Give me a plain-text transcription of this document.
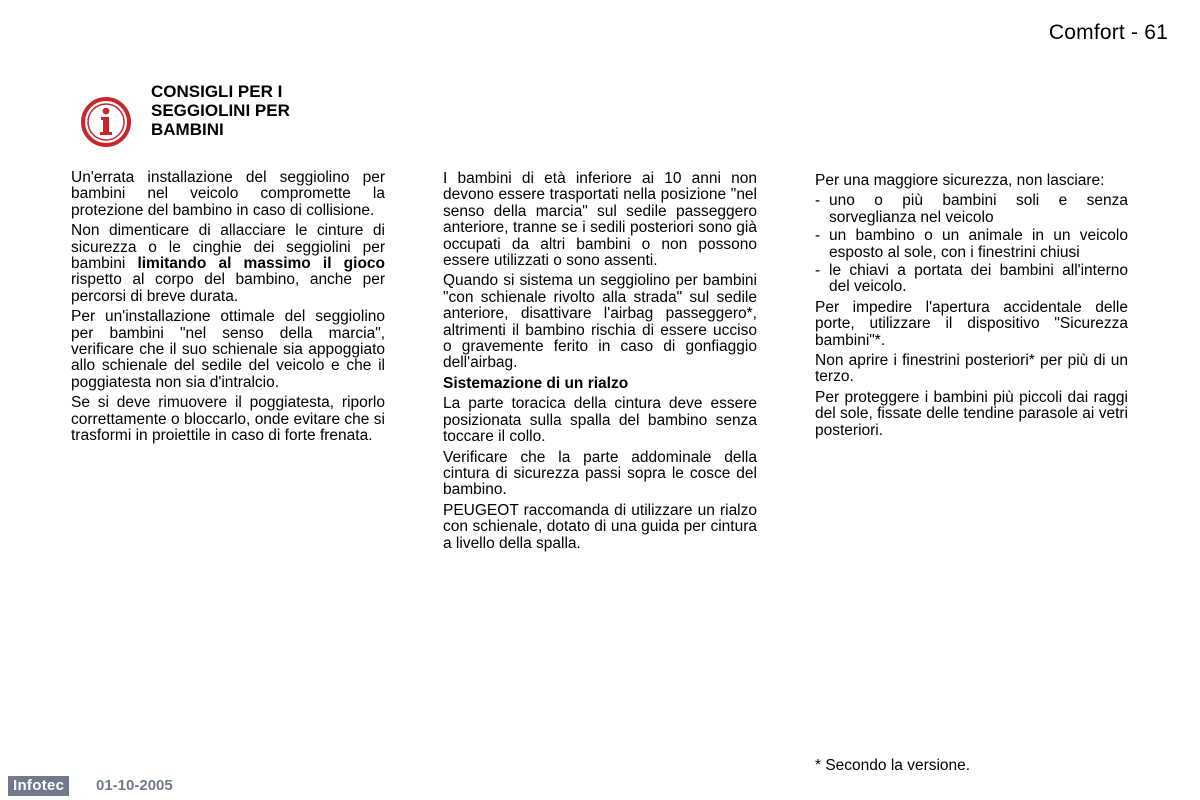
Comfort - 61
CONSIGLI PER I
SEGGIOLINI PER
BAMBINI

Un'errata installazione del seggiolino per bambini nel veicolo compromette la protezione del bambino in caso di collisione.

Non dimenticare di allacciare le cinture di sicurezza o le cinghie dei seggiolini per bambini limitando al massimo il gioco rispetto al corpo del bambino, anche per percorsi di breve durata.

Per un'installazione ottimale del seggiolino per bambini "nel senso della marcia", verificare che il suo schienale sia appoggiato allo schienale del sedile del veicolo e che il poggiatesta non sia d'intralcio.

Se si deve rimuovere il poggiatesta, riporlo correttamente o bloccarlo, onde evitare che si trasformi in proiettile in caso di forte frenata.

I bambini di età inferiore ai 10 anni non devono essere trasportati nella posizione "nel senso della marcia" sul sedile passeggero anteriore, tranne se i sedili posteriori sono già occupati da altri bambini o non possono essere utilizzati o sono assenti.

Quando si sistema un seggiolino per bambini "con schienale rivolto alla strada" sul sedile anteriore, disattivare l'airbag passeggero*, altrimenti il bambino rischia di essere ucciso o gravemente ferito in caso di gonfiaggio dell'airbag.

Sistemazione di un rialzo

La parte toracica della cintura deve essere posizionata sulla spalla del bambino senza toccare il collo.

Verificare che la parte addominale della cintura di sicurezza passi sopra le cosce del bambino.

PEUGEOT raccomanda di utilizzare un rialzo con schienale, dotato di una guida per cintura a livello della spalla.

Per una maggiore sicurezza, non lasciare:

- uno o più bambini soli e senza sorveglianza nel veicolo
- un bambino o un animale in un veicolo esposto al sole, con i finestrini chiusi
- le chiavi a portata dei bambini all'interno del veicolo.

Per impedire l'apertura accidentale delle porte, utilizzare il dispositivo "Sicurezza bambini"*.

Non aprire i finestrini posteriori* per più di un terzo.

Per proteggere i bambini più piccoli dai raggi del sole, fissate delle tendine parasole ai vetri posteriori.

* Secondo la versione.
Infotec	01-10-2005
